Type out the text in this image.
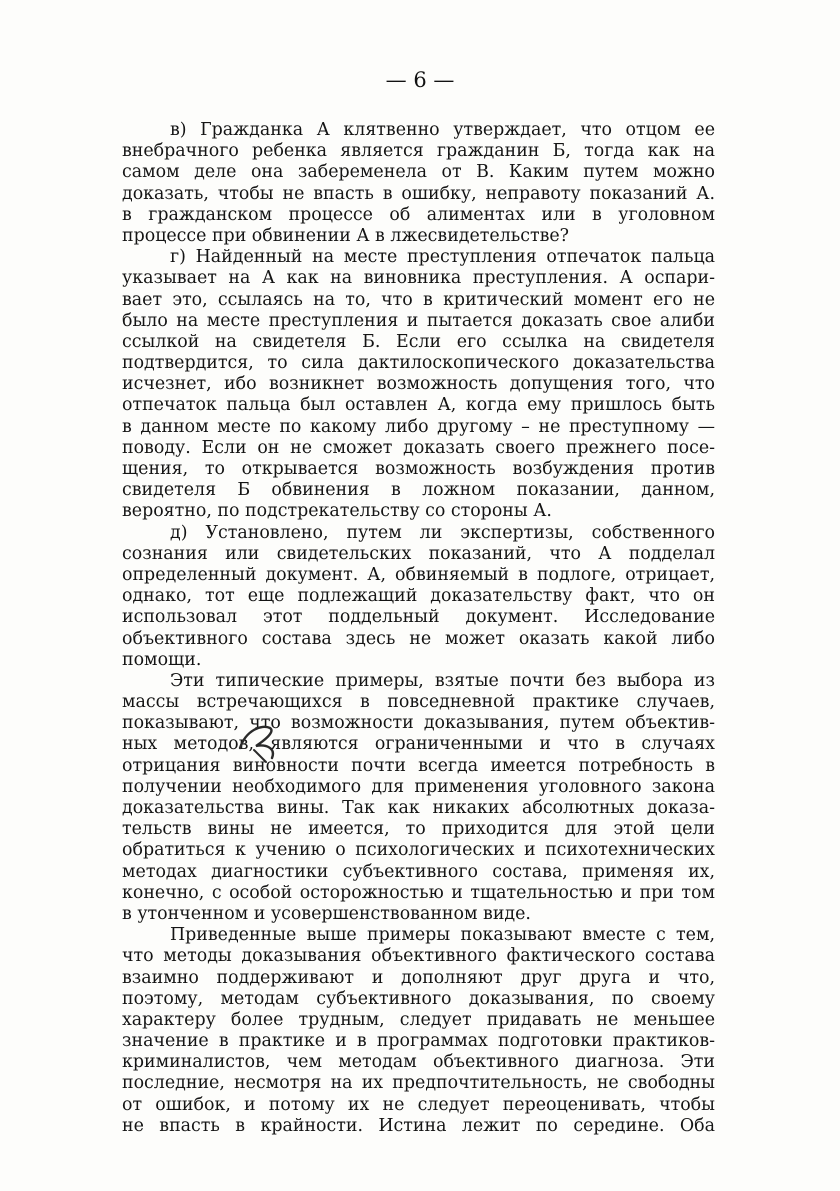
— 6 —
в) Гражданка А клятвенно утверждает, что отцом ее
внебрачного ребенка является гражданин Б, тогда как на
самом деле она забеременела от В. Каким путем можно
доказать, чтобы не впасть в ошибку, неправоту показаний А.
в гражданском процессе об алиментах или в уголовном
процессе при обвинении А в лжесвидетельстве?
г) Найденный на месте преступления отпечаток пальца
указывает на А как на виновника преступления. А оспари-
вает это, ссылаясь на то, что в критический момент его не
было на месте преступления и пытается доказать свое алиби
ссылкой на свидетеля Б. Если его ссылка на свидетеля
подтвердится, то сила дактилоскопического доказательства
исчезнет, ибо возникнет возможность допущения того, что
отпечаток пальца был оставлен А, когда ему пришлось быть
в данном месте по какому либо другому – не преступному —
поводу. Если он не сможет доказать своего прежнего посе-
щения, то открывается возможность возбуждения против
свидетеля Б обвинения в ложном показании, данном,
вероятно, по подстрекательству со стороны А.
д) Установлено, путем ли экспертизы, собственного
сознания или свидетельских показаний, что А подделал
определенный документ. А, обвиняемый в подлоге, отрицает,
однако, тот еще подлежащий доказательству факт, что он
использовал этот поддельный документ. Исследование
объективного состава здесь не может оказать какой либо
помощи.
Эти типические примеры, взятые почти без выбора из
массы встречающихся в повседневной практике случаев,
показывают, что возможности доказывания, путем объектив-
ных методов, являются ограниченными и что в случаях
отрицания виновности почти всегда имеется потребность в
получении необходимого для применения уголовного закона
доказательства вины. Так как никаких абсолютных доказа-
тельств вины не имеется, то приходится для этой цели
обратиться к учению о психологических и психотехнических
методах диагностики субъективного состава, применяя их,
конечно, с особой осторожностью и тщательностью и при том
в утонченном и усовершенствованном виде.
Приведенные выше примеры показывают вместе с тем,
что методы доказывания объективного фактического состава
взаимно поддерживают и дополняют друг друга и что,
поэтому, методам субъективного доказывания, по своему
характеру более трудным, следует придавать не меньшее
значение в практике и в программах подготовки практиков-
криминалистов, чем методам объективного диагноза. Эти
последние, несмотря на их предпочтительность, не свободны
от ошибок, и потому их не следует переоценивать, чтобы
не впасть в крайности. Истина лежит по середине. Оба
